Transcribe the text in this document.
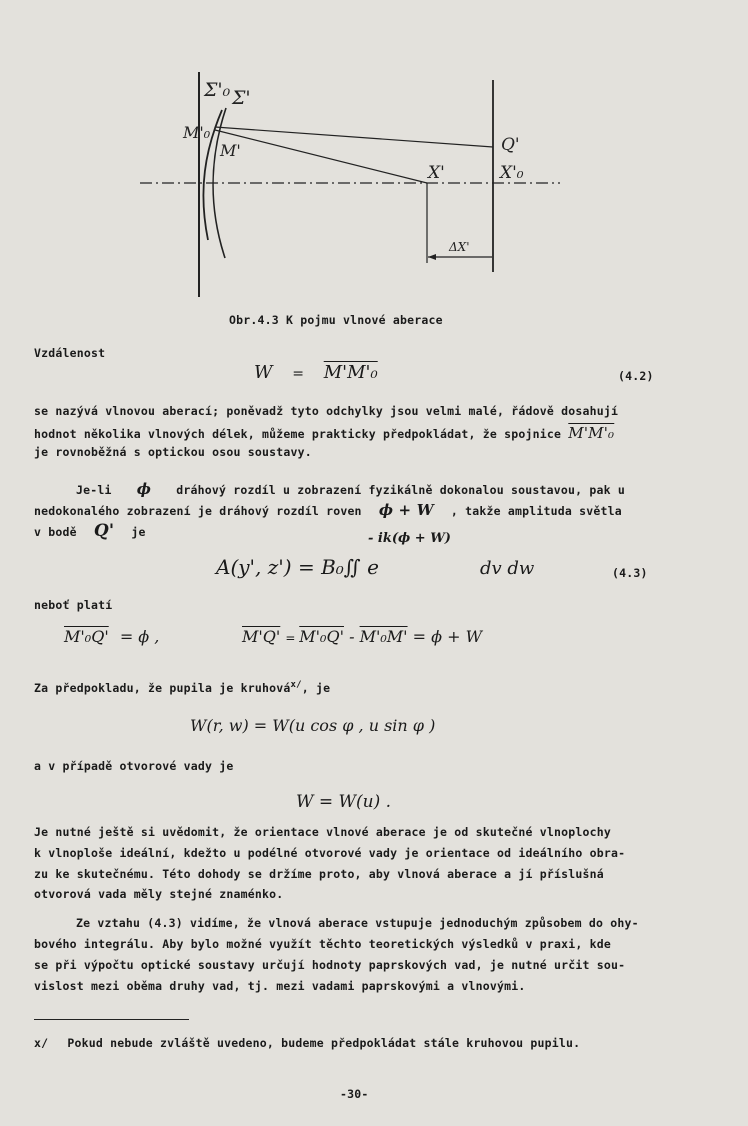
Σ'₀ Σ'
M'₀
M'	Q'
X'	X'₀
ΔX'
Obr.4.3 K pojmu vlnové aberace
Vzdálenost
W = M'M'₀	(4.2)
se nazývá vlnovou aberací; poněvadž tyto odchylky jsou velmi malé, řádově dosahují
hodnot několika vlnových délek, můžeme prakticky předpokládat, že spojnice M'M'₀
je rovnoběžná s optickou osou soustavy.
Je-li ϕ dráhový rozdíl u zobrazení fyzikálně dokonalou soustavou, pak u
nedokonalého zobrazení je dráhový rozdíl roven ϕ + W , takže amplituda světla
v bodě Q' je	- ik(ϕ + W)
A(y', z') = B₀∬ e	dv dw	(4.3)
neboť platí
M'₀Q' = ϕ ,	M'Q' = M'₀Q' - M'₀M' = ϕ + W
Za předpokladu, že pupila je kruhová$^{x/}$, je
W(r, w) = W(u cos φ , u sin φ )
a v případě otvorové vady je
W = W(u) .
Je nutné ještě si uvědomit, že orientace vlnové aberace je od skutečné vlnoplochy
k vlnoploše ideální, kdežto u podélné otvorové vady je orientace od ideálního obra-
zu ke skutečnému. Této dohody se držíme proto, aby vlnová aberace a jí příslušná
otvorová vada měly stejné znaménko.
Ze vztahu (4.3) vidíme, že vlnová aberace vstupuje jednoduchým způsobem do ohy-
bového integrálu. Aby bylo možné využít těchto teoretických výsledků v praxi, kde
se při výpočtu optické soustavy určují hodnoty paprskových vad, je nutné určit sou-
vislost mezi oběma druhy vad, tj. mezi vadami paprskovými a vlnovými.
x/ Pokud nebude zvláště uvedeno, budeme předpokládat stále kruhovou pupilu.
-30-
